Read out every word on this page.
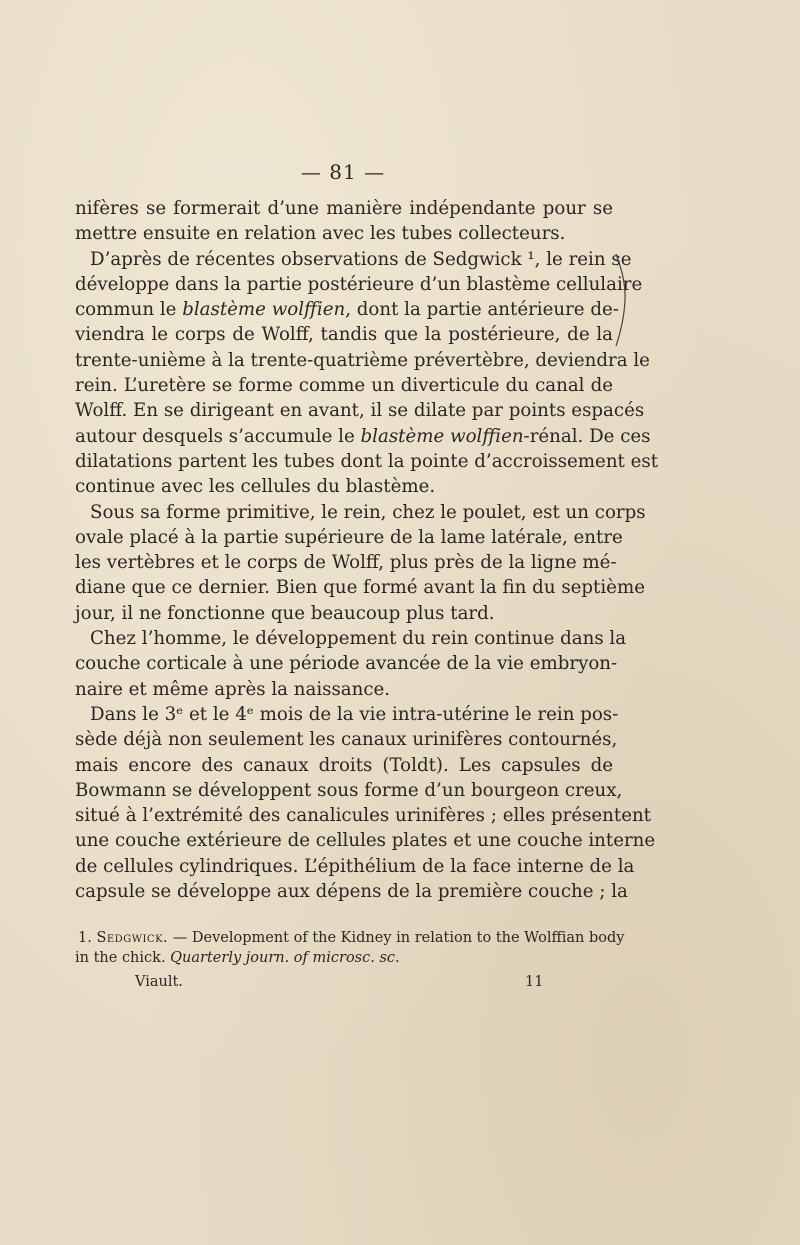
— 81 —
nifères se formerait d’une manière indépendante pour se
mettre ensuite en relation avec les tubes collecteurs.
D’après de récentes observations de Sedgwick ¹, le rein se
développe dans la partie postérieure d’un blastème cellulaire
commun le blastème wolffien, dont la partie antérieure de-
viendra le corps de Wolff, tandis que la postérieure, de la
trente-unième à la trente-quatrième prévertèbre, deviendra le
rein. L’uretère se forme comme un diverticule du canal de
Wolff. En se dirigeant en avant, il se dilate par points espacés
autour desquels s’accumule le blastème wolffien-rénal. De ces
dilatations partent les tubes dont la pointe d’accroissement est
continue avec les cellules du blastème.
Sous sa forme primitive, le rein, chez le poulet, est un corps
ovale placé à la partie supérieure de la lame latérale, entre
les vertèbres et le corps de Wolff, plus près de la ligne mé-
diane que ce dernier. Bien que formé avant la fin du septième
jour, il ne fonctionne que beaucoup plus tard.
Chez l’homme, le développement du rein continue dans la
couche corticale à une période avancée de la vie embryon-
naire et même après la naissance.
Dans le 3ᵉ et le 4ᵉ mois de la vie intra-utérine le rein pos-
sède déjà non seulement les canaux urinifères contournés,
mais encore des canaux droits (Toldt). Les capsules de
Bowmann se développent sous forme d’un bourgeon creux,
situé à l’extrémité des canalicules urinifères ; elles présentent
une couche extérieure de cellules plates et une couche interne
de cellules cylindriques. L’épithélium de la face interne de la
capsule se développe aux dépens de la première couche ; la
1. Sedgwick. — Development of the Kidney in relation to the Wolffian body
in the chick. Quarterly journ. of microsc. sc.
Viault.	11
